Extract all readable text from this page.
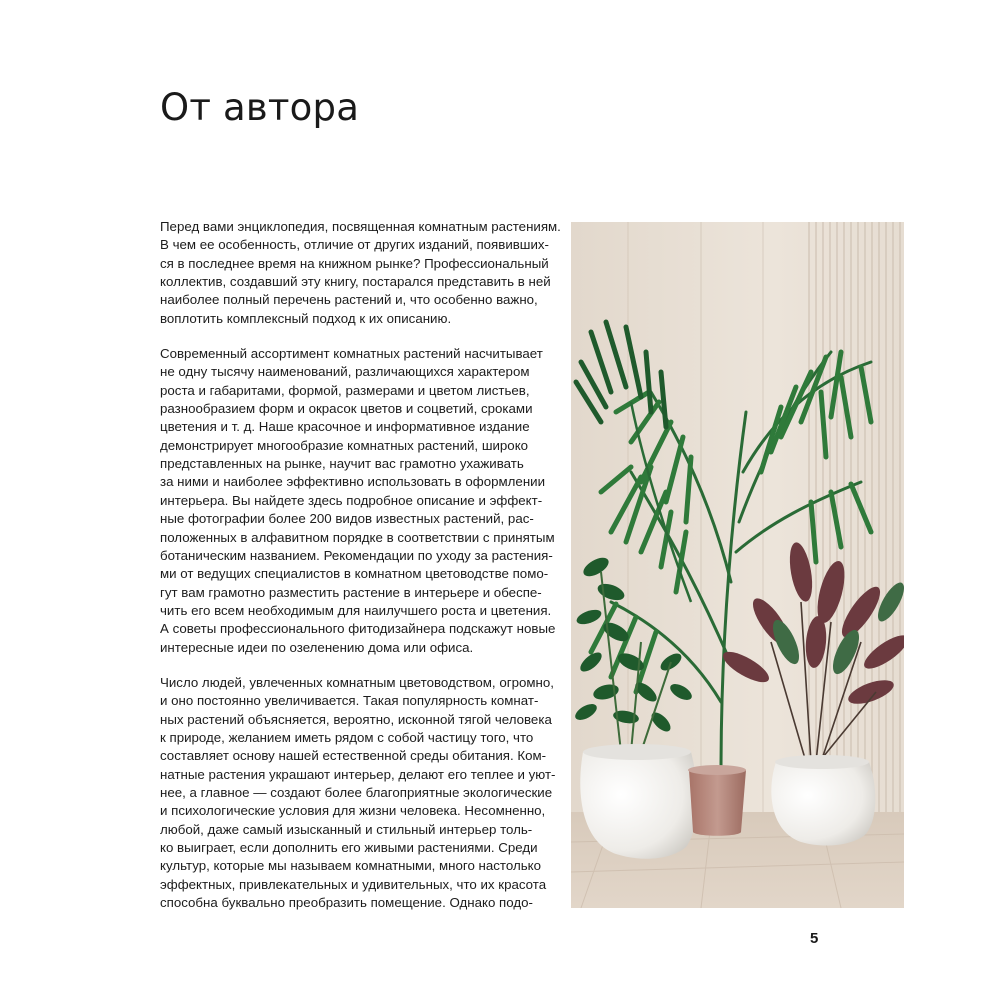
От автора

Перед вами энциклопедия, посвященная комнатным растениям.
В чем ее особенность, отличие от других изданий, появивших-
ся в последнее время на книжном рынке? Профессиональный
коллектив, создавший эту книгу, постарался представить в ней
наиболее полный перечень растений и, что особенно важно,
воплотить комплексный подход к их описанию.

Современный ассортимент комнатных растений насчитывает
не одну тысячу наименований, различающихся характером
роста и габаритами, формой, размерами и цветом листьев,
разнообразием форм и окрасок цветов и соцветий, сроками
цветения и т. д. Наше красочное и информативное издание
демонстрирует многообразие комнатных растений, широко
представленных на рынке, научит вас грамотно ухаживать
за ними и наиболее эффективно использовать в оформлении
интерьера. Вы найдете здесь подробное описание и эффект-
ные фотографии более 200 видов известных растений, рас-
положенных в алфавитном порядке в соответствии с принятым
ботаническим названием. Рекомендации по уходу за растения-
ми от ведущих специалистов в комнатном цветоводстве помо-
гут вам грамотно разместить растение в интерьере и обеспе-
чить его всем необходимым для наилучшего роста и цветения.
А советы профессионального фитодизайнера подскажут новые
интересные идеи по озеленению дома или офиса.

Число людей, увлеченных комнатным цветоводством, огромно,
и оно постоянно увеличивается. Такая популярность комнат-
ных растений объясняется, вероятно, исконной тягой человека
к природе, желанием иметь рядом с собой частицу того, что
составляет основу нашей естественной среды обитания. Ком-
натные растения украшают интерьер, делают его теплее и уют-
нее, а главное — создают более благоприятные экологические
и психологические условия для жизни человека. Несомненно,
любой, даже самый изысканный и стильный интерьер толь-
ко выиграет, если дополнить его живыми растениями. Среди
культур, которые мы называем комнатными, много настолько
эффектных, привлекательных и удивительных, что их красота
способна буквально преобразить помещение. Однако подо-

5
